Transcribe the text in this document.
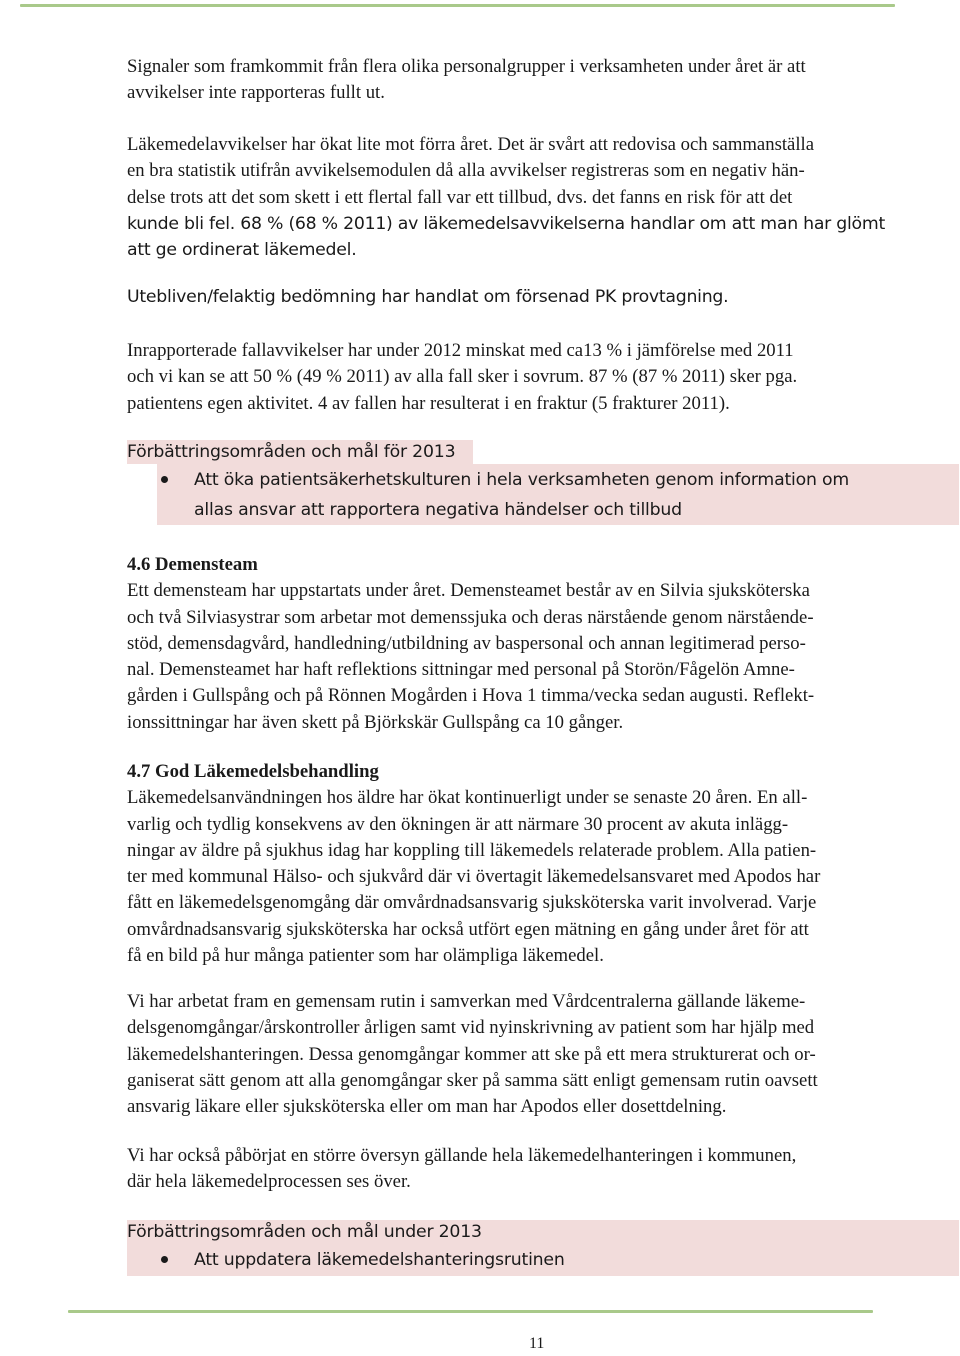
Signaler som framkommit från flera olika personalgrupper i verksamheten under året är att
avvikelser inte rapporteras fullt ut.
Läkemedelavvikelser har ökat lite mot förra året. Det är svårt att redovisa och sammanställa
en bra statistik utifrån avvikelsemodulen då alla avvikelser registreras som en negativ hän-
delse trots att det som skett i ett flertal fall var ett tillbud, dvs. det fanns en risk för att det
kunde bli fel. 68 % (68 % 2011) av läkemedelsavvikelserna handlar om att man har glömt
att ge ordinerat läkemedel.
Utebliven/felaktig bedömning har handlat om försenad PK provtagning.
Inrapporterade fallavvikelser har under 2012 minskat med ca13 % i jämförelse med 2011
och vi kan se att 50 % (49 % 2011) av alla fall sker i sovrum. 87 % (87 % 2011) sker pga.
patientens egen aktivitet. 4 av fallen har resulterat i en fraktur (5 frakturer 2011).
Förbättringsområden och mål för 2013
Att öka patientsäkerhetskulturen i hela verksamheten genom information om
allas ansvar att rapportera negativa händelser och tillbud
4.6 Demensteam
Ett demensteam har uppstartats under året. Demensteamet består av en Silvia sjuksköterska
och två Silviasystrar som arbetar mot demenssjuka och deras närstående genom närstående-
stöd, demensdagvård, handledning/utbildning av baspersonal och annan legitimerad perso-
nal. Demensteamet har haft reflektions sittningar med personal på Storön/Fågelön Amne-
gården i Gullspång och på Rönnen Mogården i Hova 1 timma/vecka sedan augusti. Reflekt-
ionssittningar har även skett på Björkskär Gullspång ca 10 gånger.
4.7 God Läkemedelsbehandling
Läkemedelsanvändningen hos äldre har ökat kontinuerligt under se senaste 20 åren. En all-
varlig och tydlig konsekvens av den ökningen är att närmare 30 procent av akuta inlägg-
ningar av äldre på sjukhus idag har koppling till läkemedels relaterade problem. Alla patien-
ter med kommunal Hälso- och sjukvård där vi övertagit läkemedelsansvaret med Apodos har
fått en läkemedelsgenomgång där omvårdnadsansvarig sjuksköterska varit involverad. Varje
omvårdnadsansvarig sjuksköterska har också utfört egen mätning en gång under året för att
få en bild på hur många patienter som har olämpliga läkemedel.
Vi har arbetat fram en gemensam rutin i samverkan med Vårdcentralerna gällande läkeme-
delsgenomgångar/årskontroller årligen samt vid nyinskrivning av patient som har hjälp med
läkemedelshanteringen. Dessa genomgångar kommer att ske på ett mera strukturerat och or-
ganiserat sätt genom att alla genomgångar sker på samma sätt enligt gemensam rutin oavsett
ansvarig läkare eller sjuksköterska eller om man har Apodos eller dosettdelning.
Vi har också påbörjat en större översyn gällande hela läkemedelhanteringen i kommunen,
där hela läkemedelprocessen ses över.
Förbättringsområden och mål under 2013
Att uppdatera läkemedelshanteringsrutinen
11
